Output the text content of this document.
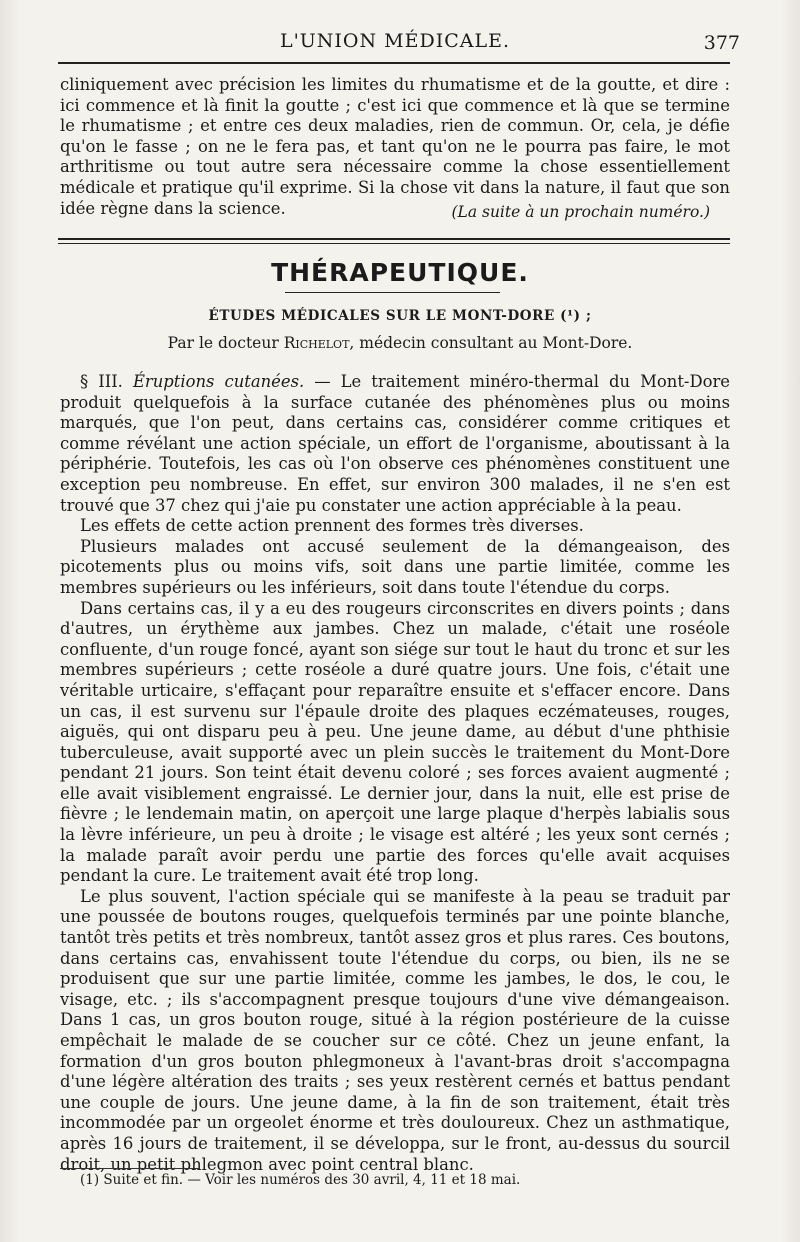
L'UNION MÉDICALE.	377

cliniquement avec précision les limites du rhumatisme et de la goutte, et dire : ici commence et là finit la goutte ; c'est ici que commence et là que se termine le rhumatisme ; et entre ces deux maladies, rien de commun. Or, cela, je défie qu'on le fasse ; on ne le fera pas, et tant qu'on ne le pourra pas faire, le mot arthritisme ou tout autre sera nécessaire comme la chose essentiellement médicale et pratique qu'il exprime. Si la chose vit dans la nature, il faut que son idée règne dans la science.	(La suite à un prochain numéro.)
THÉRAPEUTIQUE.
ÉTUDES MÉDICALES SUR LE MONT-DORE (¹) ;
Par le docteur Richelot, médecin consultant au Mont-Dore.

§ III. Éruptions cutanées. — Le traitement minéro-thermal du Mont-Dore produit quelquefois à la surface cutanée des phénomènes plus ou moins marqués, que l'on peut, dans certains cas, considérer comme critiques et comme révélant une action spéciale, un effort de l'organisme, aboutissant à la périphérie. Toutefois, les cas où l'on observe ces phénomènes constituent une exception peu nombreuse. En effet, sur environ 300 malades, il ne s'en est trouvé que 37 chez qui j'aie pu constater une action appréciable à la peau.

Les effets de cette action prennent des formes très diverses.

Plusieurs malades ont accusé seulement de la démangeaison, des picotements plus ou moins vifs, soit dans une partie limitée, comme les membres supérieurs ou les inférieurs, soit dans toute l'étendue du corps.

Dans certains cas, il y a eu des rougeurs circonscrites en divers points ; dans d'autres, un érythème aux jambes. Chez un malade, c'était une roséole confluente, d'un rouge foncé, ayant son siége sur tout le haut du tronc et sur les membres supérieurs ; cette roséole a duré quatre jours. Une fois, c'était une véritable urticaire, s'effaçant pour reparaître ensuite et s'effacer encore. Dans un cas, il est survenu sur l'épaule droite des plaques eczémateuses, rouges, aiguës, qui ont disparu peu à peu. Une jeune dame, au début d'une phthisie tuberculeuse, avait supporté avec un plein succès le traitement du Mont-Dore pendant 21 jours. Son teint était devenu coloré ; ses forces avaient augmenté ; elle avait visiblement engraissé. Le dernier jour, dans la nuit, elle est prise de fièvre ; le lendemain matin, on aperçoit une large plaque d'herpès labialis sous la lèvre inférieure, un peu à droite ; le visage est altéré ; les yeux sont cernés ; la malade paraît avoir perdu une partie des forces qu'elle avait acquises pendant la cure. Le traitement avait été trop long.

Le plus souvent, l'action spéciale qui se manifeste à la peau se traduit par une poussée de boutons rouges, quelquefois terminés par une pointe blanche, tantôt très petits et très nombreux, tantôt assez gros et plus rares. Ces boutons, dans certains cas, envahissent toute l'étendue du corps, ou bien, ils ne se produisent que sur une partie limitée, comme les jambes, le dos, le cou, le visage, etc. ; ils s'accompagnent presque toujours d'une vive démangeaison. Dans 1 cas, un gros bouton rouge, situé à la région postérieure de la cuisse empêchait le malade de se coucher sur ce côté. Chez un jeune enfant, la formation d'un gros bouton phlegmoneux à l'avant-bras droit s'accompagna d'une légère altération des traits ; ses yeux restèrent cernés et battus pendant une couple de jours. Une jeune dame, à la fin de son traitement, était très incommodée par un orgeolet énorme et très douloureux. Chez un asthmatique, après 16 jours de traitement, il se développa, sur le front, au-dessus du sourcil droit, un petit phlegmon avec point central blanc.

(1) Suite et fin. — Voir les numéros des 30 avril, 4, 11 et 18 mai.
